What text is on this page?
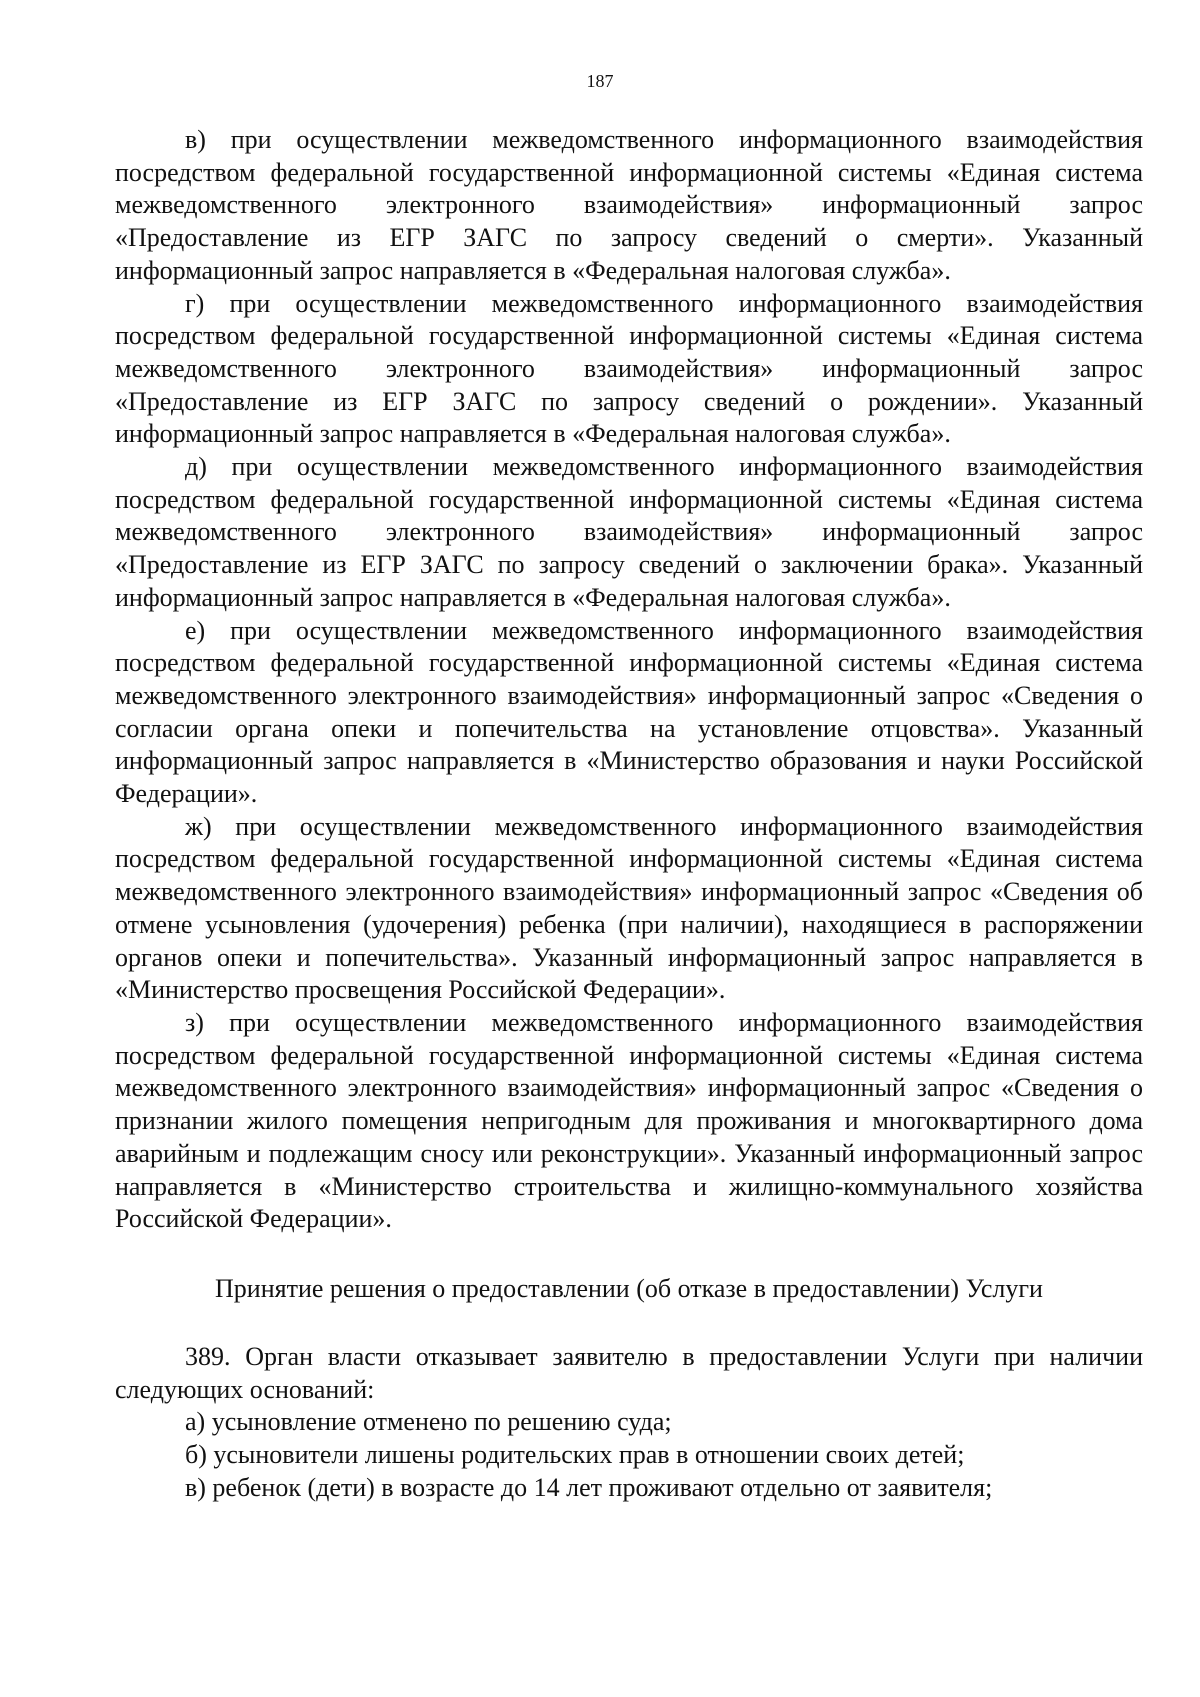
187

в) при осуществлении межведомственного информационного взаимодействия посредством федеральной государственной информационной системы «Единая система межведомственного электронного взаимодействия» информационный запрос «Предоставление из ЕГР ЗАГС по запросу сведений о смерти». Указанный информационный запрос направляется в «Федеральная налоговая служба».

г) при осуществлении межведомственного информационного взаимодействия посредством федеральной государственной информационной системы «Единая система межведомственного электронного взаимодействия» информационный запрос «Предоставление из ЕГР ЗАГС по запросу сведений о рождении». Указанный информационный запрос направляется в «Федеральная налоговая служба».

д) при осуществлении межведомственного информационного взаимодействия посредством федеральной государственной информационной системы «Единая система межведомственного электронного взаимодействия» информационный запрос «Предоставление из ЕГР ЗАГС по запросу сведений о заключении брака». Указанный информационный запрос направляется в «Федеральная налоговая служба».

е) при осуществлении межведомственного информационного взаимодействия посредством федеральной государственной информационной системы «Единая система межведомственного электронного взаимодействия» информационный запрос «Сведения о согласии органа опеки и попечительства на установление отцовства». Указанный информационный запрос направляется в «Министерство образования и науки Российской Федерации».

ж) при осуществлении межведомственного информационного взаимодействия посредством федеральной государственной информационной системы «Единая система межведомственного электронного взаимодействия» информационный запрос «Сведения об отмене усыновления (удочерения) ребенка (при наличии), находящиеся в распоряжении органов опеки и попечительства». Указанный информационный запрос направляется в «Министерство просвещения Российской Федерации».

з) при осуществлении межведомственного информационного взаимодействия посредством федеральной государственной информационной системы «Единая система межведомственного электронного взаимодействия» информационный запрос «Сведения о признании жилого помещения непригодным для проживания и многоквартирного дома аварийным и подлежащим сносу или реконструкции». Указанный информационный запрос направляется в «Министерство строительства и жилищно-коммунального хозяйства Российской Федерации».

Принятие решения о предоставлении (об отказе в предоставлении) Услуги

389. Орган власти отказывает заявителю в предоставлении Услуги при наличии следующих оснований:

а) усыновление отменено по решению суда;

б) усыновители лишены родительских прав в отношении своих детей;

в) ребенок (дети) в возрасте до 14 лет проживают отдельно от заявителя;
